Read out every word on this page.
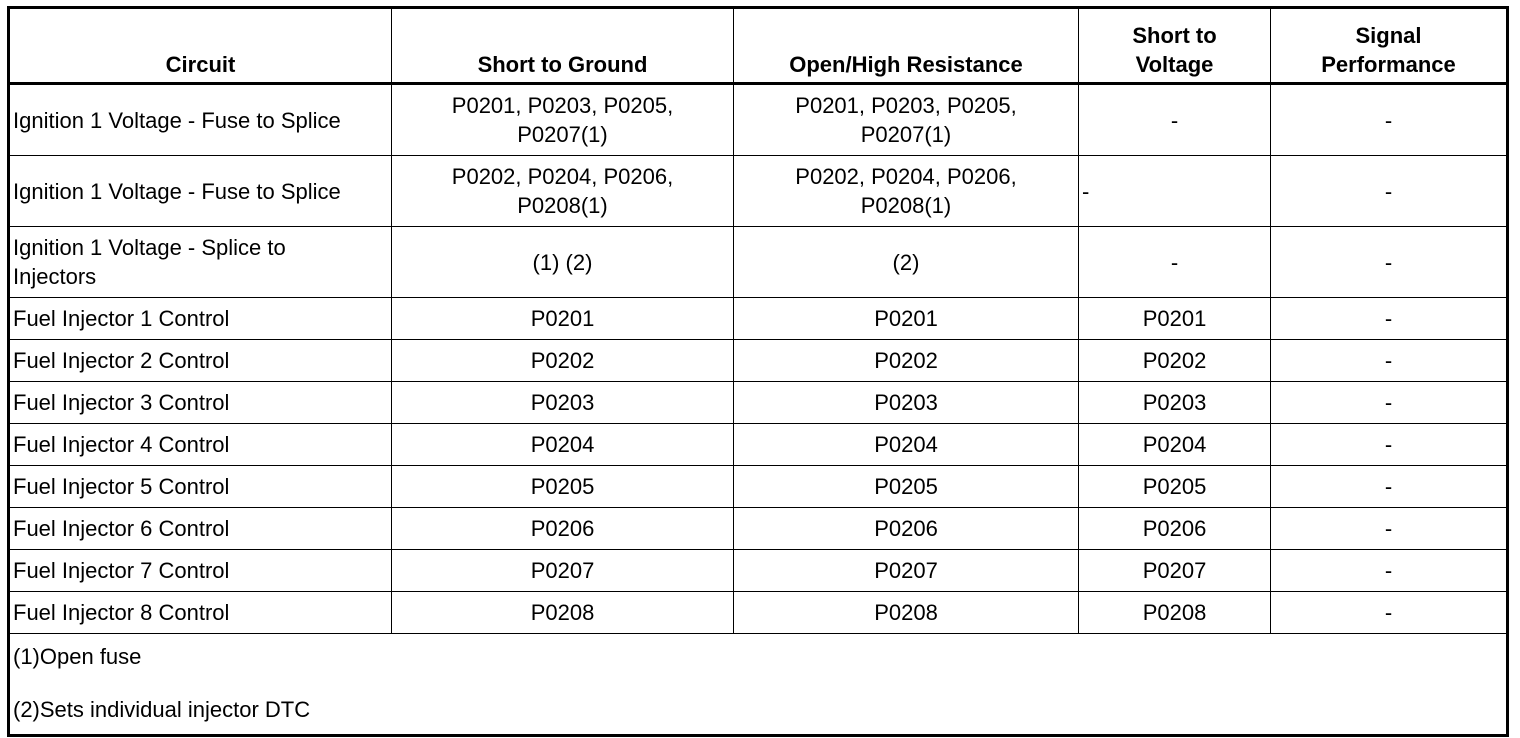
Circuit	Short to Ground	Open/High Resistance	Short to
Voltage	Signal
Performance
Ignition 1 Voltage - Fuse to Splice	P0201, P0203, P0205,
P0207(1)	P0201, P0203, P0205,
P0207(1)	-	-
Ignition 1 Voltage - Fuse to Splice	P0202, P0204, P0206,
P0208(1)	P0202, P0204, P0206,
P0208(1)	-	-
Ignition 1 Voltage - Splice to
Injectors	(1) (2)	(2)	-	-
Fuel Injector 1 Control	P0201	P0201	P0201	-
Fuel Injector 2 Control	P0202	P0202	P0202	-
Fuel Injector 3 Control	P0203	P0203	P0203	-
Fuel Injector 4 Control	P0204	P0204	P0204	-
Fuel Injector 5 Control	P0205	P0205	P0205	-
Fuel Injector 6 Control	P0206	P0206	P0206	-
Fuel Injector 7 Control	P0207	P0207	P0207	-
Fuel Injector 8 Control	P0208	P0208	P0208	-

(1)Open fuse
(2)Sets individual injector DTC				
